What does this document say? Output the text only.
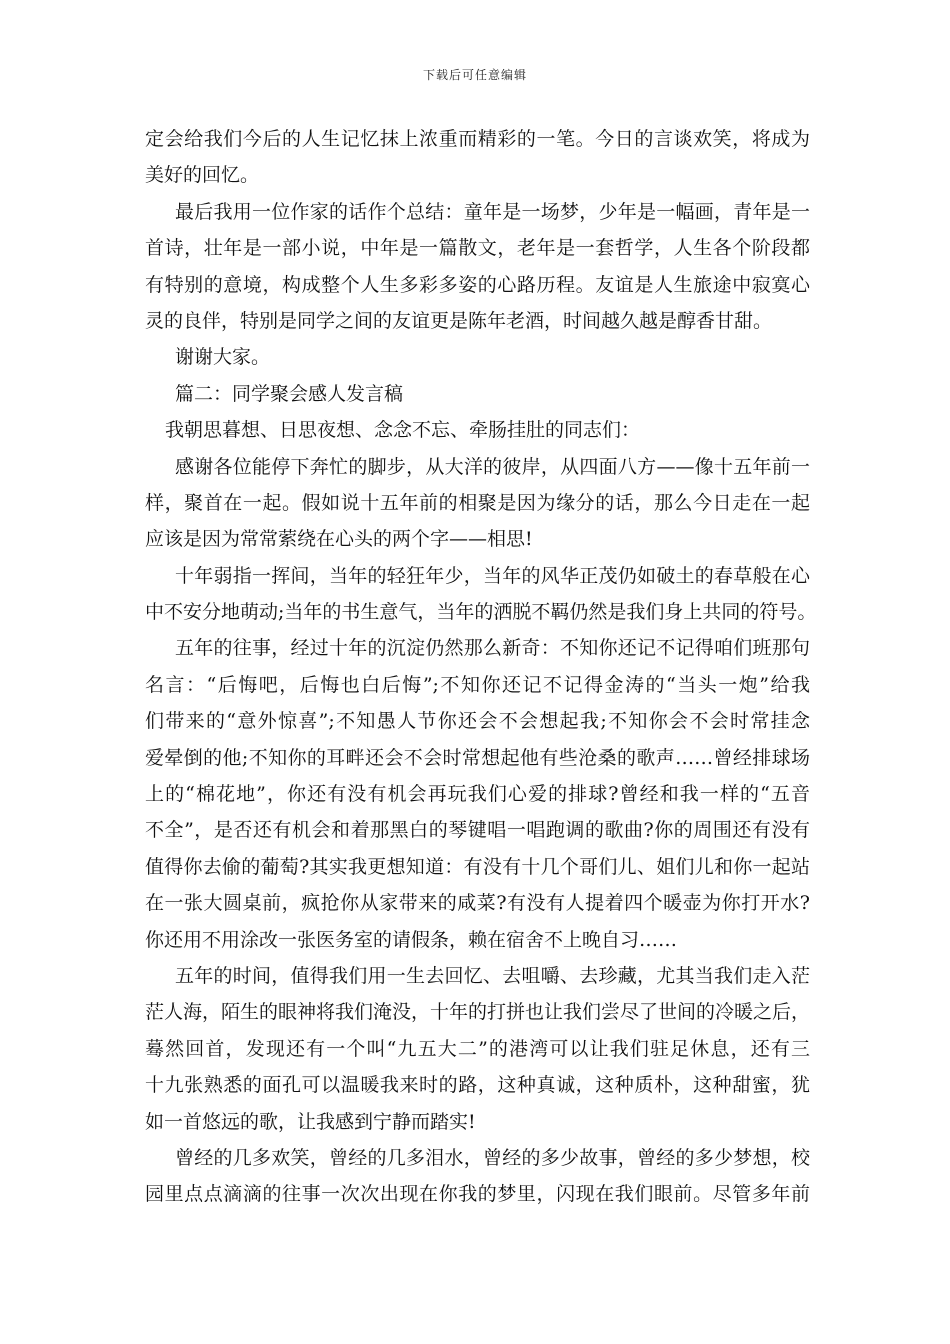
下载后可任意编辑
定会给我们今后的人生记忆抹上浓重而精彩的一笔。今日的言谈欢笑，将成为
美好的回忆。
最后我用一位作家的话作个总结：童年是一场梦，少年是一幅画，青年是一
首诗，壮年是一部小说，中年是一篇散文，老年是一套哲学，人生各个阶段都
有特别的意境，构成整个人生多彩多姿的心路历程。友谊是人生旅途中寂寞心
灵的良伴，特别是同学之间的友谊更是陈年老酒，时间越久越是醇香甘甜。
谢谢大家。
篇二：同学聚会感人发言稿
我朝思暮想、日思夜想、念念不忘、牵肠挂肚的同志们：
感谢各位能停下奔忙的脚步，从大洋的彼岸，从四面八方——像十五年前一
样，聚首在一起。假如说十五年前的相聚是因为缘分的话，那么今日走在一起
应该是因为常常萦绕在心头的两个字——相思!
十年弱指一挥间，当年的轻狂年少，当年的风华正茂仍如破土的春草般在心
中不安分地萌动;当年的书生意气，当年的洒脱不羁仍然是我们身上共同的符号。
五年的往事，经过十年的沉淀仍然那么新奇：不知你还记不记得咱们班那句
名言：“后悔吧，后悔也白后悔”;不知你还记不记得金涛的“当头一炮”给我
们带来的“意外惊喜”;不知愚人节你还会不会想起我;不知你会不会时常挂念
爱晕倒的他;不知你的耳畔还会不会时常想起他有些沧桑的歌声……曾经排球场
上的“棉花地”，你还有没有机会再玩我们心爱的排球?曾经和我一样的“五音
不全”，是否还有机会和着那黑白的琴键唱一唱跑调的歌曲?你的周围还有没有
值得你去偷的葡萄?其实我更想知道：有没有十几个哥们儿、姐们儿和你一起站
在一张大圆桌前，疯抢你从家带来的咸菜?有没有人提着四个暖壶为你打开水?
你还用不用涂改一张医务室的请假条，赖在宿舍不上晚自习……
五年的时间，值得我们用一生去回忆、去咀嚼、去珍藏，尤其当我们走入茫
茫人海，陌生的眼神将我们淹没，十年的打拼也让我们尝尽了世间的冷暖之后，
蓦然回首，发现还有一个叫“九五大二”的港湾可以让我们驻足休息，还有三
十九张熟悉的面孔可以温暖我来时的路，这种真诚，这种质朴，这种甜蜜，犹
如一首悠远的歌，让我感到宁静而踏实!
曾经的几多欢笑，曾经的几多泪水，曾经的多少故事，曾经的多少梦想，校
园里点点滴滴的往事一次次出现在你我的梦里，闪现在我们眼前。尽管多年前
